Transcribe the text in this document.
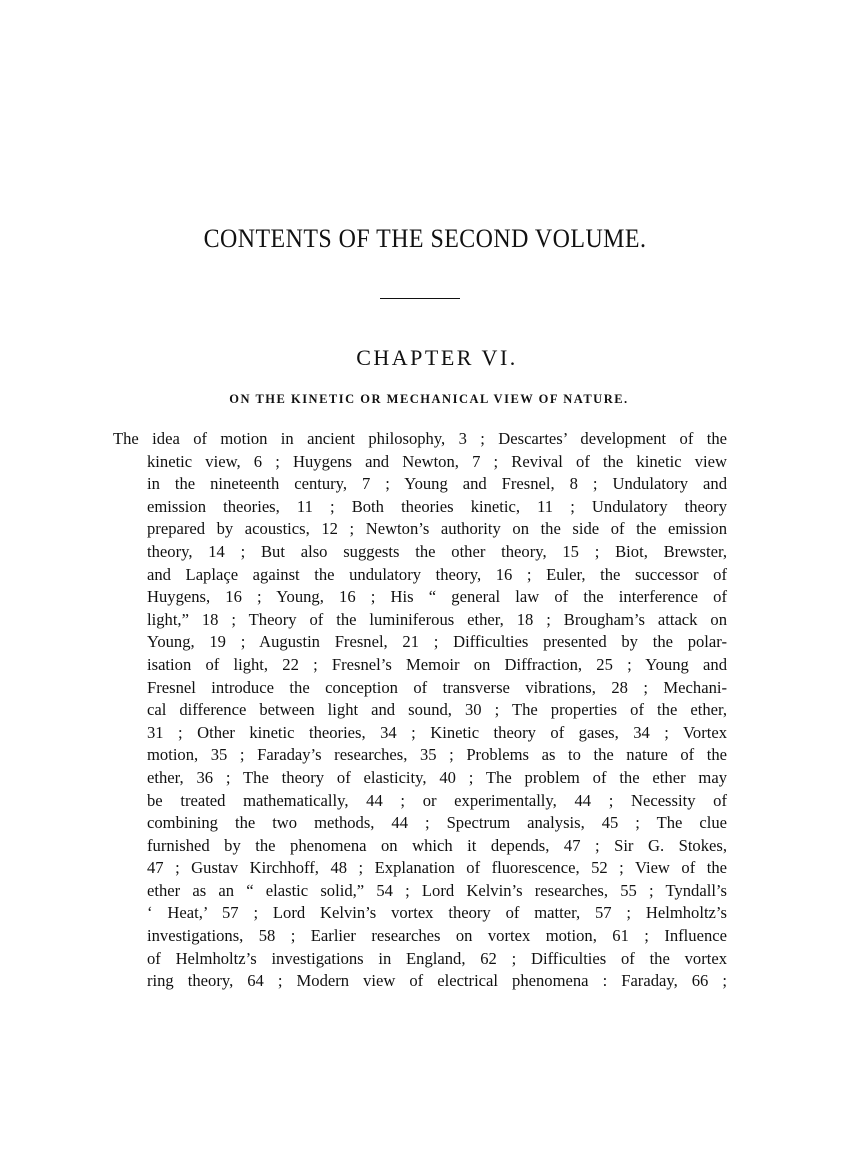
CONTENTS OF THE SECOND VOLUME.
CHAPTER VI.

ON THE KINETIC OR MECHANICAL VIEW OF NATURE.

The idea of motion in ancient philosophy, 3 ; Descartes’ development of the
kinetic view, 6 ; Huygens and Newton, 7 ; Revival of the kinetic view
in the nineteenth century, 7 ; Young and Fresnel, 8 ; Undulatory and
emission theories, 11 ; Both theories kinetic, 11 ; Undulatory theory
prepared by acoustics, 12 ; Newton’s authority on the side of the emission
theory, 14 ; But also suggests the other theory, 15 ; Biot, Brewster,
and Laplaçe against the undulatory theory, 16 ; Euler, the successor of
Huygens, 16 ; Young, 16 ; His “ general law of the interference of
light,” 18 ; Theory of the luminiferous ether, 18 ; Brougham’s attack on
Young, 19 ; Augustin Fresnel, 21 ; Difficulties presented by the polar-
isation of light, 22 ; Fresnel’s Memoir on Diffraction, 25 ; Young and
Fresnel introduce the conception of transverse vibrations, 28 ; Mechani-
cal difference between light and sound, 30 ; The properties of the ether,
31 ; Other kinetic theories, 34 ; Kinetic theory of gases, 34 ; Vortex
motion, 35 ; Faraday’s researches, 35 ; Problems as to the nature of the
ether, 36 ; The theory of elasticity, 40 ; The problem of the ether may
be treated mathematically, 44 ; or experimentally, 44 ; Necessity of
combining the two methods, 44 ; Spectrum analysis, 45 ; The clue
furnished by the phenomena on which it depends, 47 ; Sir G. Stokes,
47 ; Gustav Kirchhoff, 48 ; Explanation of fluorescence, 52 ; View of the
ether as an “ elastic solid,” 54 ; Lord Kelvin’s researches, 55 ; Tyndall’s
‘ Heat,’ 57 ; Lord Kelvin’s vortex theory of matter, 57 ; Helmholtz’s
investigations, 58 ; Earlier researches on vortex motion, 61 ; Influence
of Helmholtz’s investigations in England, 62 ; Difficulties of the vortex
ring theory, 64 ; Modern view of electrical phenomena : Faraday, 66 ;
